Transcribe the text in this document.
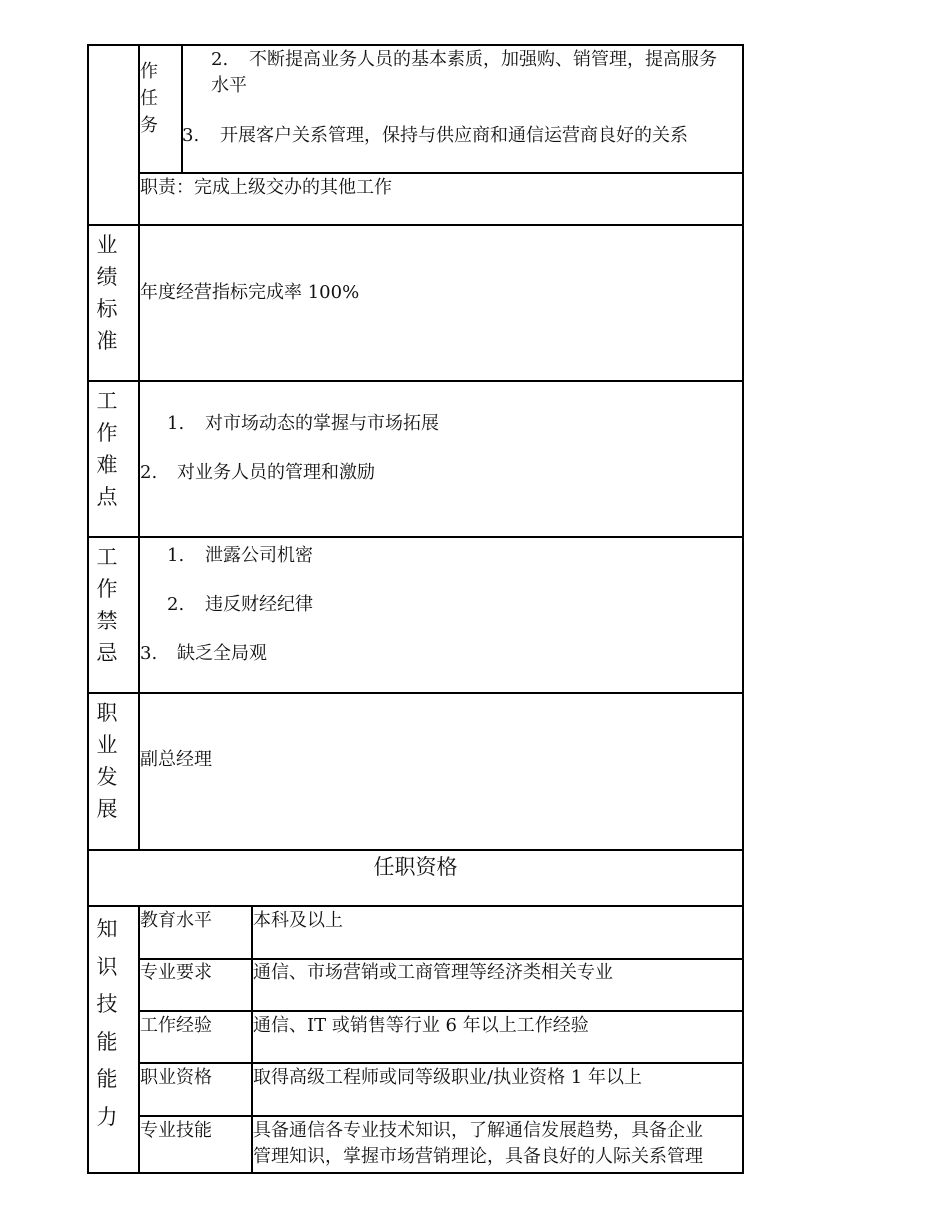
作
任
务
2. 不断提高业务人员的基本素质，加强购、销管理，提高服务
水平
3. 开展客户关系管理，保持与供应商和通信运营商良好的关系
职责：完成上级交办的其他工作
业
绩
标
准
年度经营指标完成率 100%
工
作
难
点
1. 对市场动态的掌握与市场拓展
2. 对业务人员的管理和激励
工
作
禁
忌
1. 泄露公司机密
2. 违反财经纪律
3. 缺乏全局观
职
业
发
展
副总经理
任职资格
知
识
技
能
能
力
教育水平 本科及以上
专业要求 通信、市场营销或工商管理等经济类相关专业
工作经验 通信、IT 或销售等行业 6 年以上工作经验
职业资格 取得高级工程师或同等级职业/执业资格 1 年以上
专业技能 具备通信各专业技术知识，了解通信发展趋势，具备企业
管理知识，掌握市场营销理论，具备良好的人际关系管理
